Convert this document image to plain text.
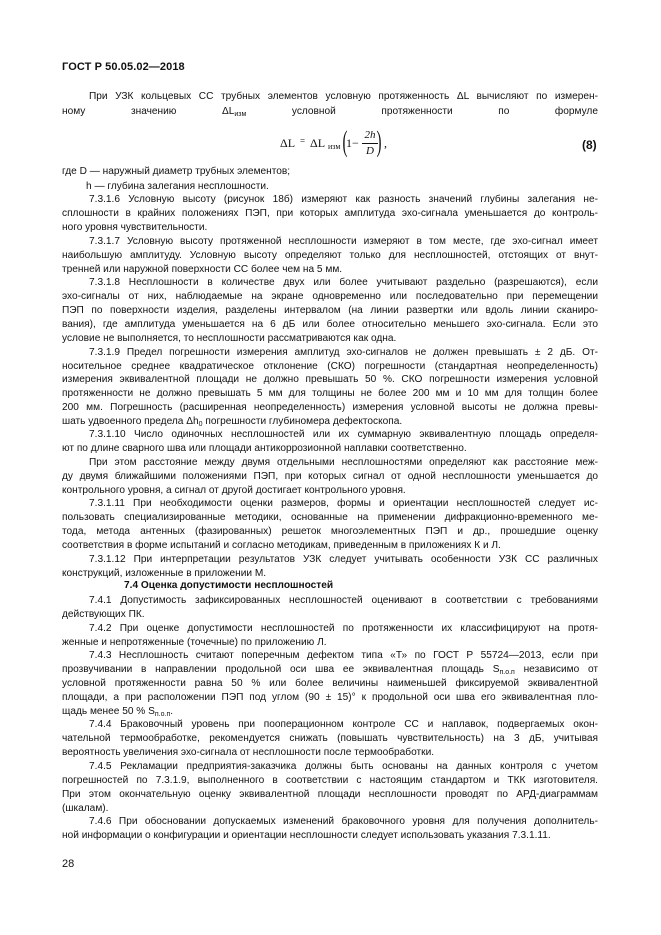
ГОСТ Р 50.05.02—2018
При УЗК кольцевых СС трубных элементов условную протяженность ΔL вычисляют по измерен-
ному значению $\Delta L_{изм}$ условной протяженности по формуле
где D — наружный диаметр трубных элементов;
h — глубина залегания несплошности.
7.3.1.6 Условную высоту (рисунок 18б) измеряют как разность значений глубины залегания не-
сплошности в крайних положениях ПЭП, при которых амплитуда эхо-сигнала уменьшается до контроль-
ного уровня чувствительности.
7.3.1.7 Условную высоту протяженной несплошности измеряют в том месте, где эхо-сигнал имеет
наибольшую амплитуду. Условную высоту определяют только для несплошностей, отстоящих от внут-
тренней или наружной поверхности СС более чем на 5 мм.
7.3.1.8 Несплошности в количестве двух или более учитывают раздельно (разрешаются), если
эхо-сигналы от них, наблюдаемые на экране одновременно или последовательно при перемещении
ПЭП по поверхности изделия, разделены интервалом (на линии развертки или вдоль линии сканиро-
вания), где амплитуда уменьшается на 6 дБ или более относительно меньшего эхо-сигнала. Если это
условие не выполняется, то несплошности рассматриваются как одна.
7.3.1.9 Предел погрешности измерения амплитуд эхо-сигналов не должен превышать ± 2 дБ. От-
носительное среднее квадратическое отклонение (СКО) погрешности (стандартная неопределенность)
измерения эквивалентной площади не должно превышать 50 %. СКО погрешности измерения условной
протяженности не должно превышать 5 мм для толщины не более 200 мм и 10 мм для толщин более
200 мм. Погрешность (расширенная неопределенность) измерения условной высоты не должна превы-
шать удвоенного предела $\Delta h_0$ погрешности глубиномера дефектоскопа.
7.3.1.10 Число одиночных несплошностей или их суммарную эквивалентную площадь определя-
ют по длине сварного шва или площади антикоррозионной наплавки соответственно.
При этом расстояние между двумя отдельными несплошностями определяют как расстояние меж-
ду двумя ближайшими положениями ПЭП, при которых сигнал от одной несплошности уменьшается до
контрольного уровня, а сигнал от другой достигает контрольного уровня.
7.3.1.11 При необходимости оценки размеров, формы и ориентации несплошностей следует ис-
пользовать специализированные методики, основанные на применении дифракционно-временного ме-
тода, метода антенных (фазированных) решеток многоэлементных ПЭП и др., прошедшие оценку
соответствия в форме испытаний и согласно методикам, приведенным в приложениях К и Л.
7.3.1.12 При интерпретации результатов УЗК следует учитывать особенности УЗК СС различных
конструкций, изложенные в приложении М.
7.4 Оценка допустимости несплошностей
7.4.1 Допустимость зафиксированных несплошностей оценивают в соответствии с требованиями
действующих ПК.
7.4.2 При оценке допустимости несплошностей по протяженности их классифицируют на протя-
женные и непротяженные (точечные) по приложению Л.
7.4.3 Несплошность считают поперечным дефектом типа «Т» по ГОСТ Р 55724—2013, если при
прозвучивании в направлении продольной оси шва ее эквивалентная площадь $S_{п.о.п}$ независимо от
условной протяженности равна 50 % или более величины наименьшей фиксируемой эквивалентной
площади, а при расположении ПЭП под углом (90 ± 15)° к продольной оси шва его эквивалентная пло-
щадь менее 50 % $S_{п.о.п}$.
7.4.4 Браковочный уровень при пооперационном контроле СС и наплавок, подвергаемых окон-
чательной термообработке, рекомендуется снижать (повышать чувствительность) на 3 дБ, учитывая
вероятность увеличения эхо-сигнала от несплошности после термообработки.
7.4.5 Рекламации предприятия-заказчика должны быть основаны на данных контроля с учетом
погрешностей по 7.3.1.9, выполненного в соответствии с настоящим стандартом и ТКК изготовителя.
При этом окончательную оценку эквивалентной площади несплошности проводят по АРД-диаграммам
(шкалам).
7.4.6 При обосновании допускаемых изменений браковочного уровня для получения дополнитель-
ной информации о конфигурации и ориентации несплошности следует использовать указания 7.3.1.11.
ΔL = ΔL изм (
$1- \frac{2h}{D}$
) ,	(8)
28
